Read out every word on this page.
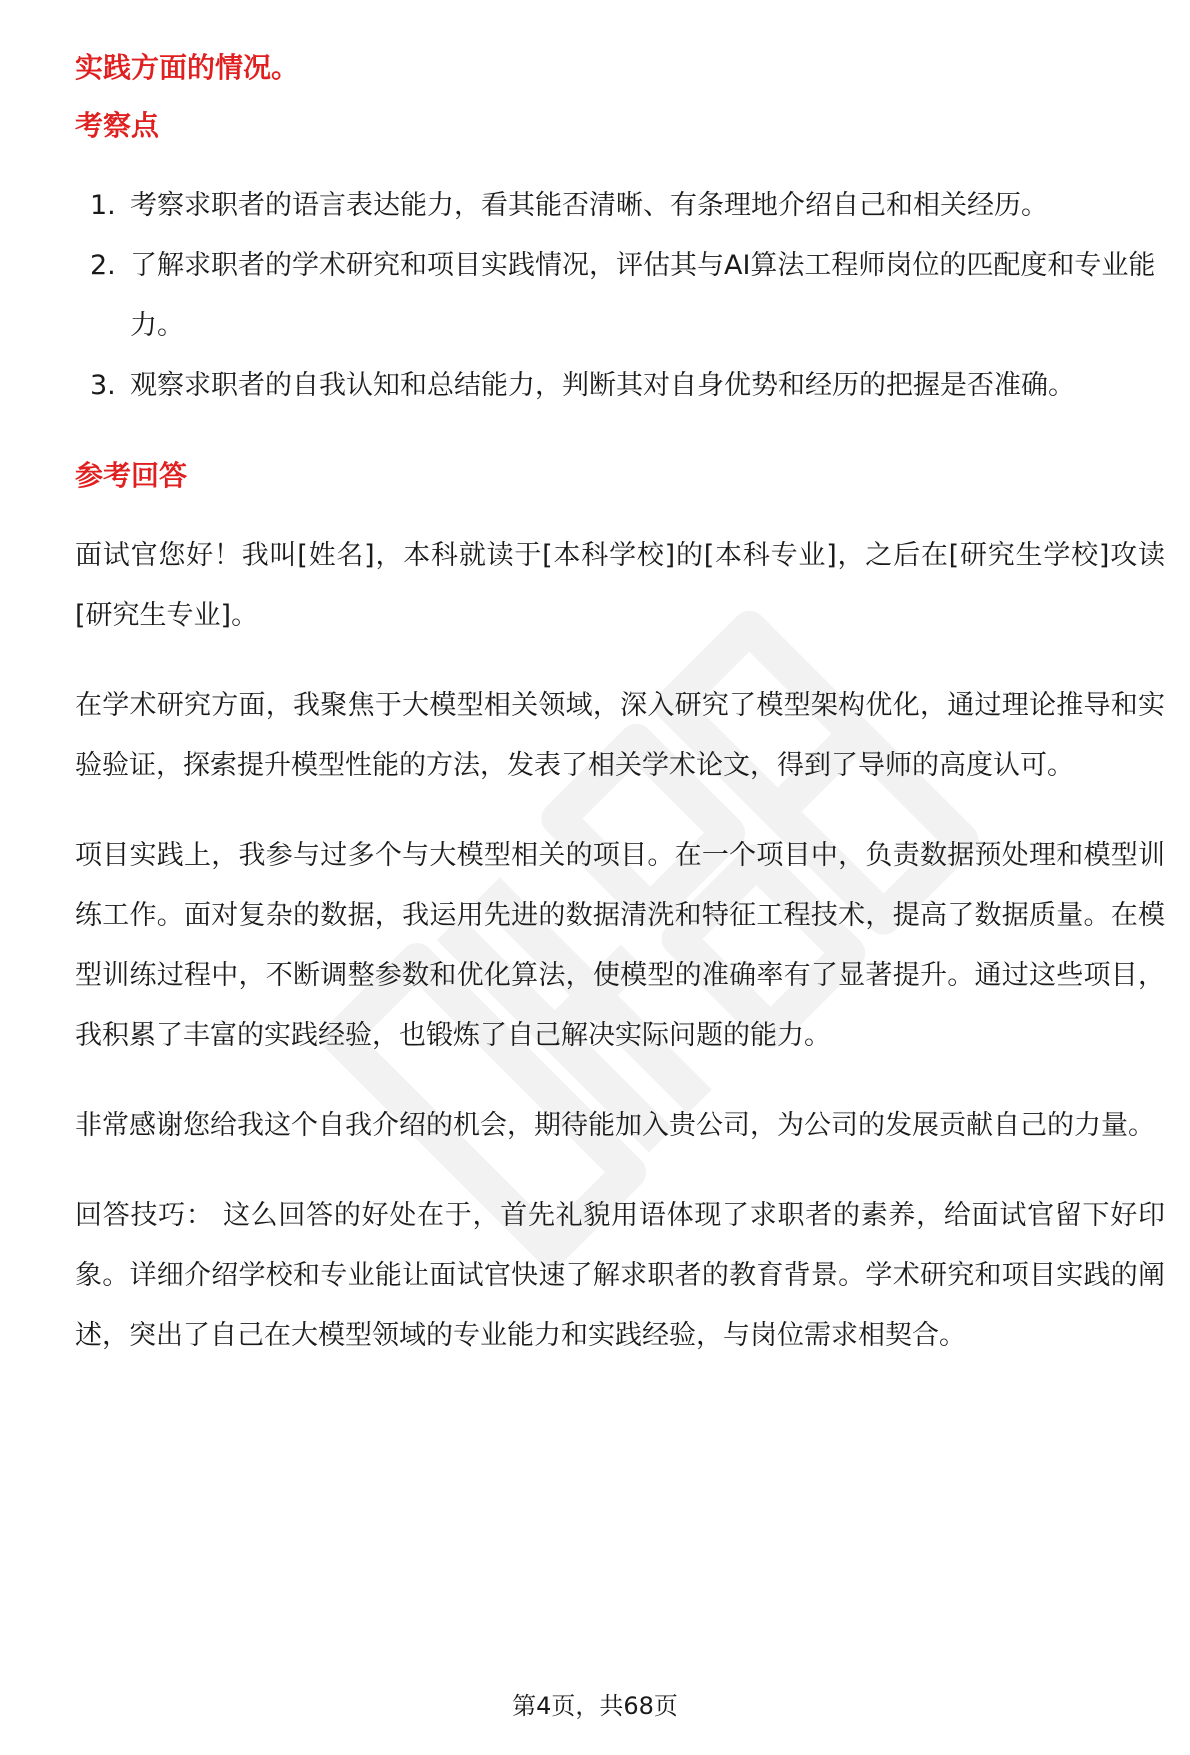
实践方面的情况。

考察点

1. 考察求职者的语言表达能力，看其能否清晰、有条理地介绍自己和相关经历。
2. 了解求职者的学术研究和项目实践情况，评估其与AI算法工程师岗位的匹配度和专业能力。
3. 观察求职者的自我认知和总结能力，判断其对自身优势和经历的把握是否准确。

参考回答

面试官您好！我叫[姓名]，本科就读于[本科学校]的[本科专业]，之后在[研究生学校]攻读[研究生专业]。

在学术研究方面，我聚焦于大模型相关领域，深入研究了模型架构优化，通过理论推导和实验验证，探索提升模型性能的方法，发表了相关学术论文，得到了导师的高度认可。

项目实践上，我参与过多个与大模型相关的项目。在一个项目中，负责数据预处理和模型训练工作。面对复杂的数据，我运用先进的数据清洗和特征工程技术，提高了数据质量。在模型训练过程中，不断调整参数和优化算法，使模型的准确率有了显著提升。通过这些项目，我积累了丰富的实践经验，也锻炼了自己解决实际问题的能力。

非常感谢您给我这个自我介绍的机会，期待能加入贵公司，为公司的发展贡献自己的力量。

回答技巧： 这么回答的好处在于，首先礼貌用语体现了求职者的素养，给面试官留下好印象。详细介绍学校和专业能让面试官快速了解求职者的教育背景。学术研究和项目实践的阐述，突出了自己在大模型领域的专业能力和实践经验，与岗位需求相契合。

第4页，共68页
